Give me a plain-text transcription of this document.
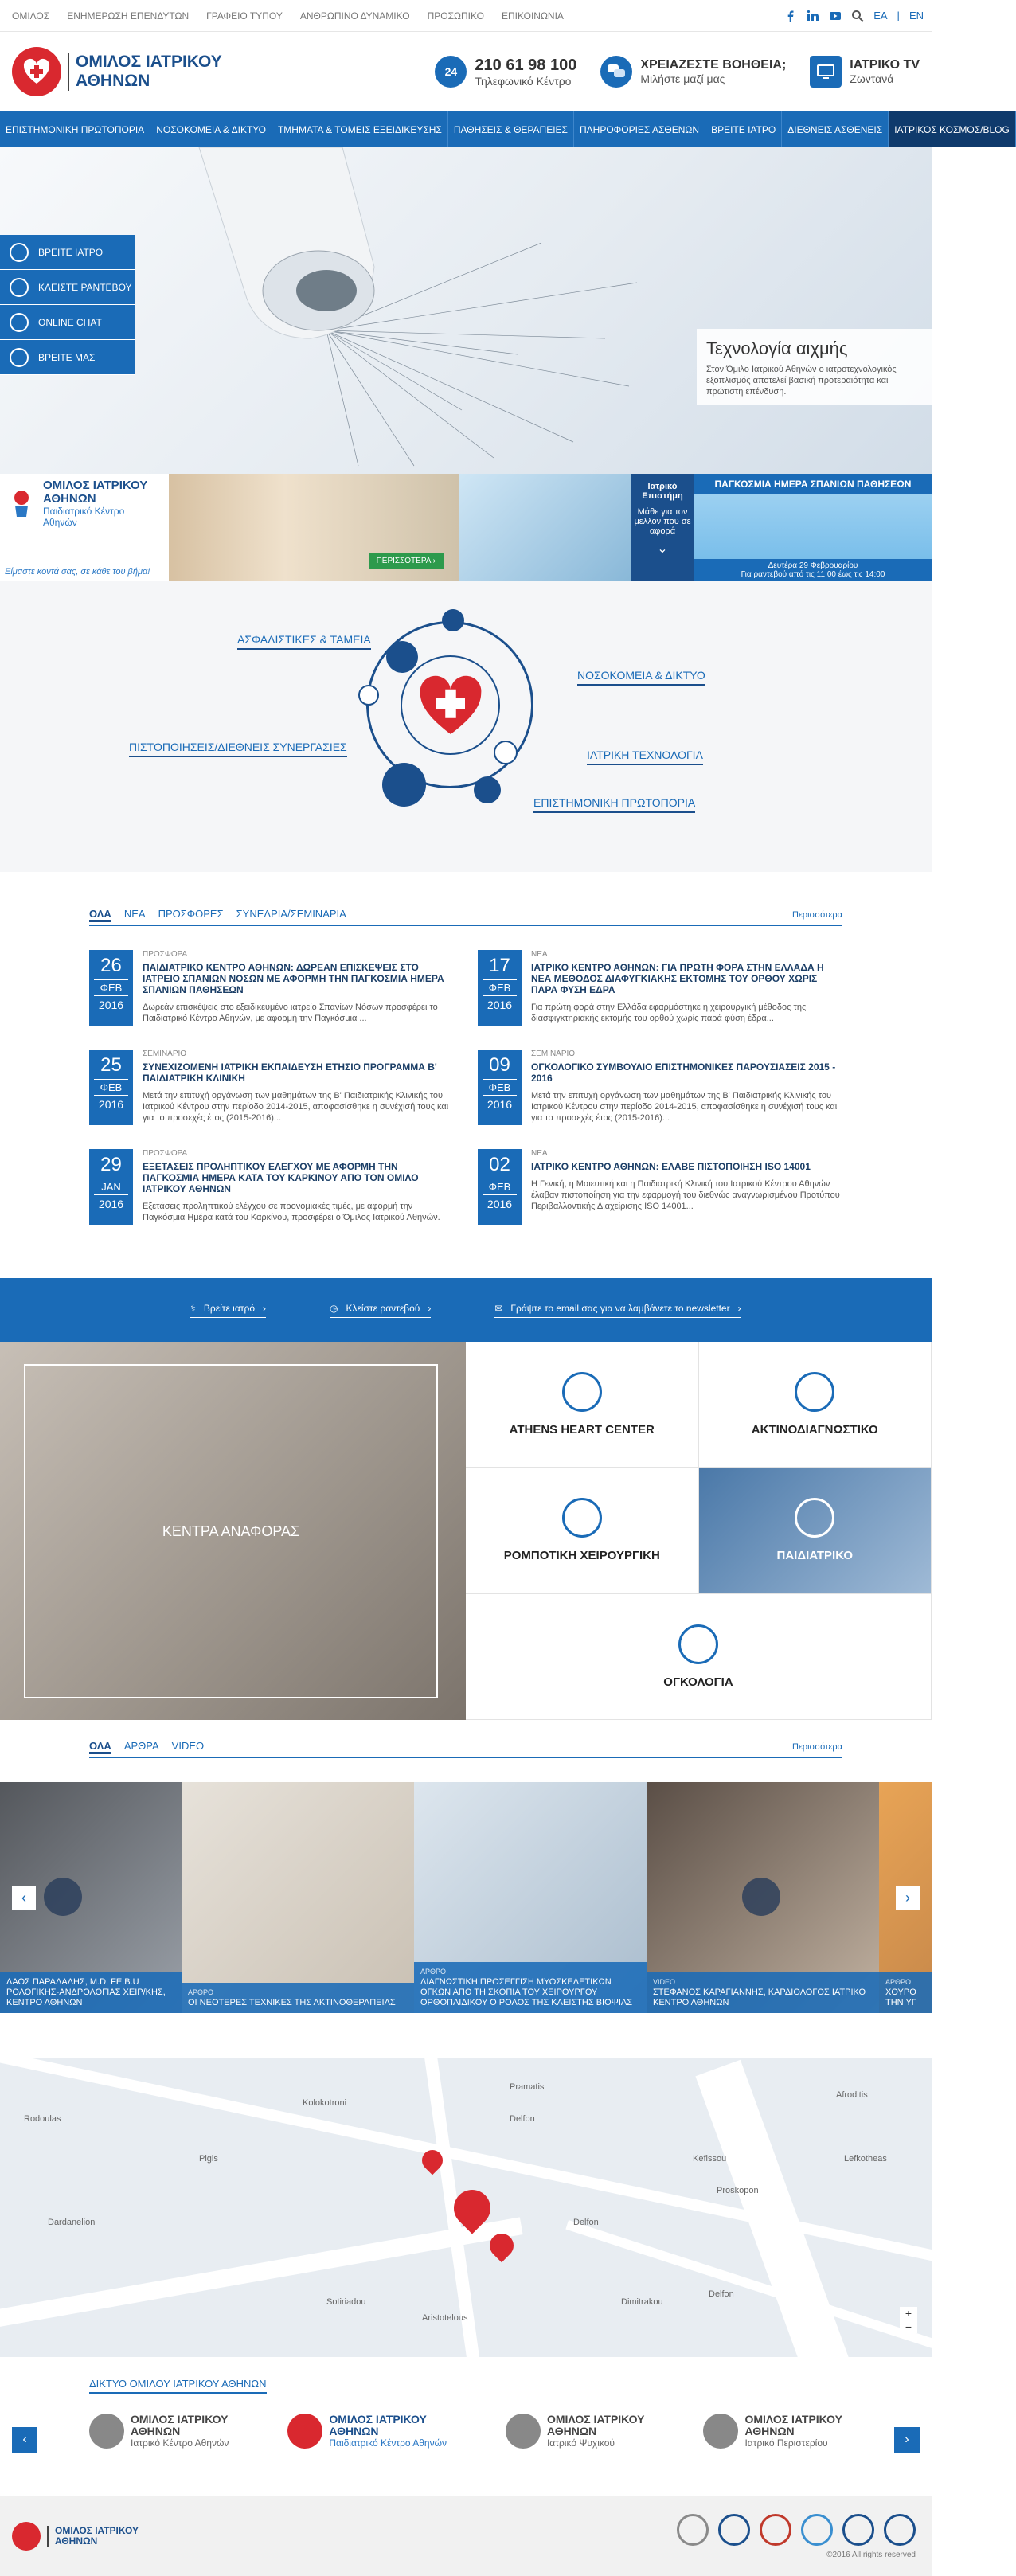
ΟΜΙΛΟΣ ΕΝΗΜΕΡΩΣΗ ΕΠΕΝΔΥΤΩΝ ΓΡΑΦΕΙΟ ΤΥΠΟΥ ΑΝΘΡΩΠΙΝΟ ΔΥΝΑΜΙΚΟ ΠΡΟΣΩΠΙΚΟ ΕΠΙΚΟΙΝΩΝΙΑ	EA | EN
ΟΜΙΛΟΣ ΙΑΤΡΙΚΟΥ
ΑΘΗΝΩΝ	24	210 61 98 100
Τηλεφωνικό Κέντρο
ΧΡΕΙΑΖΕΣΤΕ ΒΟΗΘΕΙΑ;
Μιλήστε μαζί μας
ΙΑΤΡΙΚΟ TV
Ζωντανά
ΕΠΙΣΤΗΜΟΝΙΚΗ ΠΡΩΤΟΠΟΡΙΑ	ΝΟΣΟΚΟΜΕΙΑ & ΔΙΚΤΥΟ	ΤΜΗΜΑΤΑ & ΤΟΜΕΙΣ ΕΞΕΙΔΙΚΕΥΣΗΣ	ΠΑΘΗΣΕΙΣ & ΘΕΡΑΠΕΙΕΣ	ΠΛΗΡΟΦΟΡΙΕΣ ΑΣΘΕΝΩΝ	ΒΡΕΙΤΕ ΙΑΤΡΟ	ΔΙΕΘΝΕΙΣ ΑΣΘΕΝΕΙΣ	ΙΑΤΡΙΚΟΣ ΚΟΣΜΟΣ/BLOG
ΒΡΕΙΤΕ ΙΑΤΡΟ
ΚΛΕΙΣΤΕ ΡΑΝΤΕΒΟΥ
ONLINE CHAT
ΒΡΕΙΤΕ ΜΑΣ	Τεχνολογία αιχμής

Στον Όμιλο Ιατρικού Αθηνών ο ιατροτεχνολογικός εξοπλισμός αποτελεί βασική προτεραιότητα και πρώτιστη επένδυση.

ΟΜΙΛΟΣ ΙΑΤΡΙΚΟΥ
ΑΘΗΝΩΝ
Παιδιατρικό Κέντρο
Αθηνών
Είμαστε κοντά σας, σε κάθε του βήμα!
ΠΕΡΙΣΣΟΤΕΡΑ ›
Ιατρικό
Επιστήμη
Μάθε για τον μελλον που σε αφορά
⌄
ΠΑΓΚΟΣΜΙΑ ΗΜΕΡΑ ΣΠΑΝΙΩΝ ΠΑΘΗΣΕΩΝ
Δευτέρα 29 Φεβρουαρίου
Για ραντεβού από τις 11:00 έως τις 14:00
ΑΣΦΑΛΙΣΤΙΚΕΣ & ΤΑΜΕΙΑ
ΝΟΣΟΚΟΜΕΙΑ & ΔΙΚΤΥΟ
ΠΙΣΤΟΠΟΙΗΣΕΙΣ/ΔΙΕΘΝΕΙΣ ΣΥΝΕΡΓΑΣΙΕΣ
ΙΑΤΡΙΚΗ ΤΕΧΝΟΛΟΓΙΑ
ΕΠΙΣΤΗΜΟΝΙΚΗ ΠΡΩΤΟΠΟΡΙΑ
ΟΛΑ ΝΕΑ ΠΡΟΣΦΟΡΕΣ ΣΥΝΕΔΡΙΑ/ΣΕΜΙΝΑΡΙΑ	Περισσότερα
26
ΦΕΒ
2016
ΠΡΟΣΦΟΡΑ
ΠΑΙΔΙΑΤΡΙΚΟ ΚΕΝΤΡΟ ΑΘΗΝΩΝ: ΔΩΡΕΑΝ ΕΠΙΣΚΕΨΕΙΣ ΣΤΟ ΙΑΤΡΕΙΟ ΣΠΑΝΙΩΝ ΝΟΣΩΝ ΜΕ ΑΦΟΡΜΗ ΤΗΝ ΠΑΓΚΟΣΜΙΑ ΗΜΕΡΑ ΣΠΑΝΙΩΝ ΠΑΘΗΣΕΩΝ
Δωρεάν επισκέψεις στο εξειδικευμένο ιατρείο Σπανίων Νόσων προσφέρει το Παιδιατρικό Κέντρο Αθηνών, με αφορμή την Παγκόσμια ...
17
ΦΕΒ
2016
ΝΕΑ
ΙΑΤΡΙΚΟ ΚΕΝΤΡΟ ΑΘΗΝΩΝ: ΓΙΑ ΠΡΩΤΗ ΦΟΡΑ ΣΤΗΝ ΕΛΛΑΔΑ Η ΝΕΑ ΜΕΘΟΔΟΣ ΔΙΑΦΥΓΚΙΑΚΗΣ ΕΚΤΟΜΗΣ ΤΟΥ ΟΡΘΟΥ ΧΩΡΙΣ ΠΑΡΑ ΦΥΣΗ ΕΔΡΑ
Για πρώτη φορά στην Ελλάδα εφαρμόστηκε η χειρουργική μέθοδος της διασφιγκτηριακής εκτομής του ορθού χωρίς παρά φύση έδρα...
25
ΦΕΒ
2016
ΣΕΜΙΝΑΡΙΟ
ΣΥΝΕΧΙΖΟΜΕΝΗ ΙΑΤΡΙΚΗ ΕΚΠΑΙΔΕΥΣΗ ΕΤΗΣΙΟ ΠΡΟΓΡΑΜΜΑ Β' ΠΑΙΔΙΑΤΡΙΚΗ ΚΛΙΝΙΚΗ
Μετά την επιτυχή οργάνωση των μαθημάτων της Β' Παιδιατρικής Κλινικής του Ιατρικού Κέντρου στην περίοδο 2014-2015, αποφασίσθηκε η συνέχισή τους και για το προσεχές έτος (2015-2016)...
09
ΦΕΒ
2016
ΣΕΜΙΝΑΡΙΟ
ΟΓΚΟΛΟΓΙΚΟ ΣΥΜΒΟΥΛΙΟ ΕΠΙΣΤΗΜΟΝΙΚΕΣ ΠΑΡΟΥΣΙΑΣΕΙΣ 2015 - 2016
Μετά την επιτυχή οργάνωση των μαθημάτων της Β' Παιδιατρικής Κλινικής του Ιατρικού Κέντρου στην περίοδο 2014-2015, αποφασίσθηκε η συνέχισή τους και για το προσεχές έτος (2015-2016)...
29
JAN
2016
ΠΡΟΣΦΟΡΑ
ΕΞΕΤΑΣΕΙΣ ΠΡΟΛΗΠΤΙΚΟΥ ΕΛΕΓΧΟΥ ΜΕ ΑΦΟΡΜΗ ΤΗΝ ΠΑΓΚΟΣΜΙΑ ΗΜΕΡΑ ΚΑΤΑ ΤΟΥ ΚΑΡΚΙΝΟΥ ΑΠΟ ΤΟΝ ΟΜΙΛΟ ΙΑΤΡΙΚΟΥ ΑΘΗΝΩΝ
Εξετάσεις προληπτικού ελέγχου σε προνομιακές τιμές, με αφορμή την Παγκόσμια Ημέρα κατά του Καρκίνου, προσφέρει ο Όμιλος Ιατρικού Αθηνών.
02
ΦΕΒ
2016
ΝΕΑ
ΙΑΤΡΙΚΟ ΚΕΝΤΡΟ ΑΘΗΝΩΝ: ΕΛΑΒΕ ΠΙΣΤΟΠΟΙΗΣΗ ISO 14001
Η Γενική, η Μαιευτική και η Παιδιατρική Κλινική του Ιατρικού Κέντρου Αθηνών έλαβαν πιστοποίηση για την εφαρμογή του διεθνώς αναγνωρισμένου Προτύπου Περιβαλλοντικής Διαχείρισης ISO 14001...
⚕ Βρείτε ιατρό ›	◷ Κλείστε ραντεβού ›	✉ Γράψτε το email σας για να λαμβάνετε το newsletter ›
ΚΕΝΤΡΑ ΑΝΑΦΟΡΑΣ
ATHENS HEART CENTER	ΑΚΤΙΝΟΔΙΑΓΝΩΣΤΙΚΟ
ΡΟΜΠΟΤΙΚΗ ΧΕΙΡΟΥΡΓΙΚΗ	ΠΑΙΔΙΑΤΡΙΚΟ
ΟΓΚΟΛΟΓΙΑ
ΟΛΑ ΑΡΘΡΑ VIDEO	Περισσότερα
ΛΑΟΣ ΠΑΡΑΔΑΛΗΣ, M.D. FE.B.U ΡΟΛΟΓΙΚΗΣ-ΑΝΔΡΟΛΟΓΙΑΣ ΧΕΙΡ/ΚΗΣ, ΚΕΝΤΡΟ ΑΘΗΝΩΝ
ΑΡΘΡΟ
ΟΙ ΝΕΟΤΕΡΕΣ ΤΕΧΝΙΚΕΣ ΤΗΣ ΑΚΤΙΝΟΘΕΡΑΠΕΙΑΣ
ΑΡΘΡΟ
ΔΙΑΓΝΩΣΤΙΚΗ ΠΡΟΣΕΓΓΙΣΗ ΜΥΟΣΚΕΛΕΤΙΚΩΝ ΟΓΚΩΝ ΑΠΟ ΤΗ ΣΚΟΠΙΑ ΤΟΥ ΧΕΙΡΟΥΡΓΟΥ ΟΡΘΟΠΑΙΔΙΚΟΥ Ο ΡΟΛΟΣ ΤΗΣ ΚΛΕΙΣΤΗΣ ΒΙΟΨΙΑΣ
VIDEO
ΣΤΕΦΑΝΟΣ ΚΑΡΑΓΙΑΝΝΗΣ, ΚΑΡΔΙΟΛΟΓΟΣ ΙΑΤΡΙΚΟ ΚΕΝΤΡΟ ΑΘΗΝΩΝ
ΑΡΘΡΟ
ΧΟΥΡΟ ΤΗΝ ΥΓ
‹	›
Pramatis
Kefissou
Delfon
Delfon
Dimitrakou
Sotiriadou
Aristotelous
Pigis
Rodoulas
Dardanelion
Delfon
Lefkotheas
Proskopon
Afroditis
Kolokotroni
+
−
ΔΙΚΤΥΟ ΟΜΙΛΟΥ ΙΑΤΡΙΚΟΥ ΑΘΗΝΩΝ
ΟΜΙΛΟΣ ΙΑΤΡΙΚΟΥ
ΑΘΗΝΩΝ
Ιατρικό Κέντρο Αθηνών
ΟΜΙΛΟΣ ΙΑΤΡΙΚΟΥ
ΑΘΗΝΩΝ
Παιδιατρικό Κέντρο Αθηνών
ΟΜΙΛΟΣ ΙΑΤΡΙΚΟΥ
ΑΘΗΝΩΝ
Ιατρικό Ψυχικού
ΟΜΙΛΟΣ ΙΑΤΡΙΚΟΥ
ΑΘΗΝΩΝ
Ιατρικό Περιστερίου
‹	›
ΟΜΙΛΟΣ ΙΑΤΡΙΚΟΥ
ΑΘΗΝΩΝ
©2016 All rights reserved
